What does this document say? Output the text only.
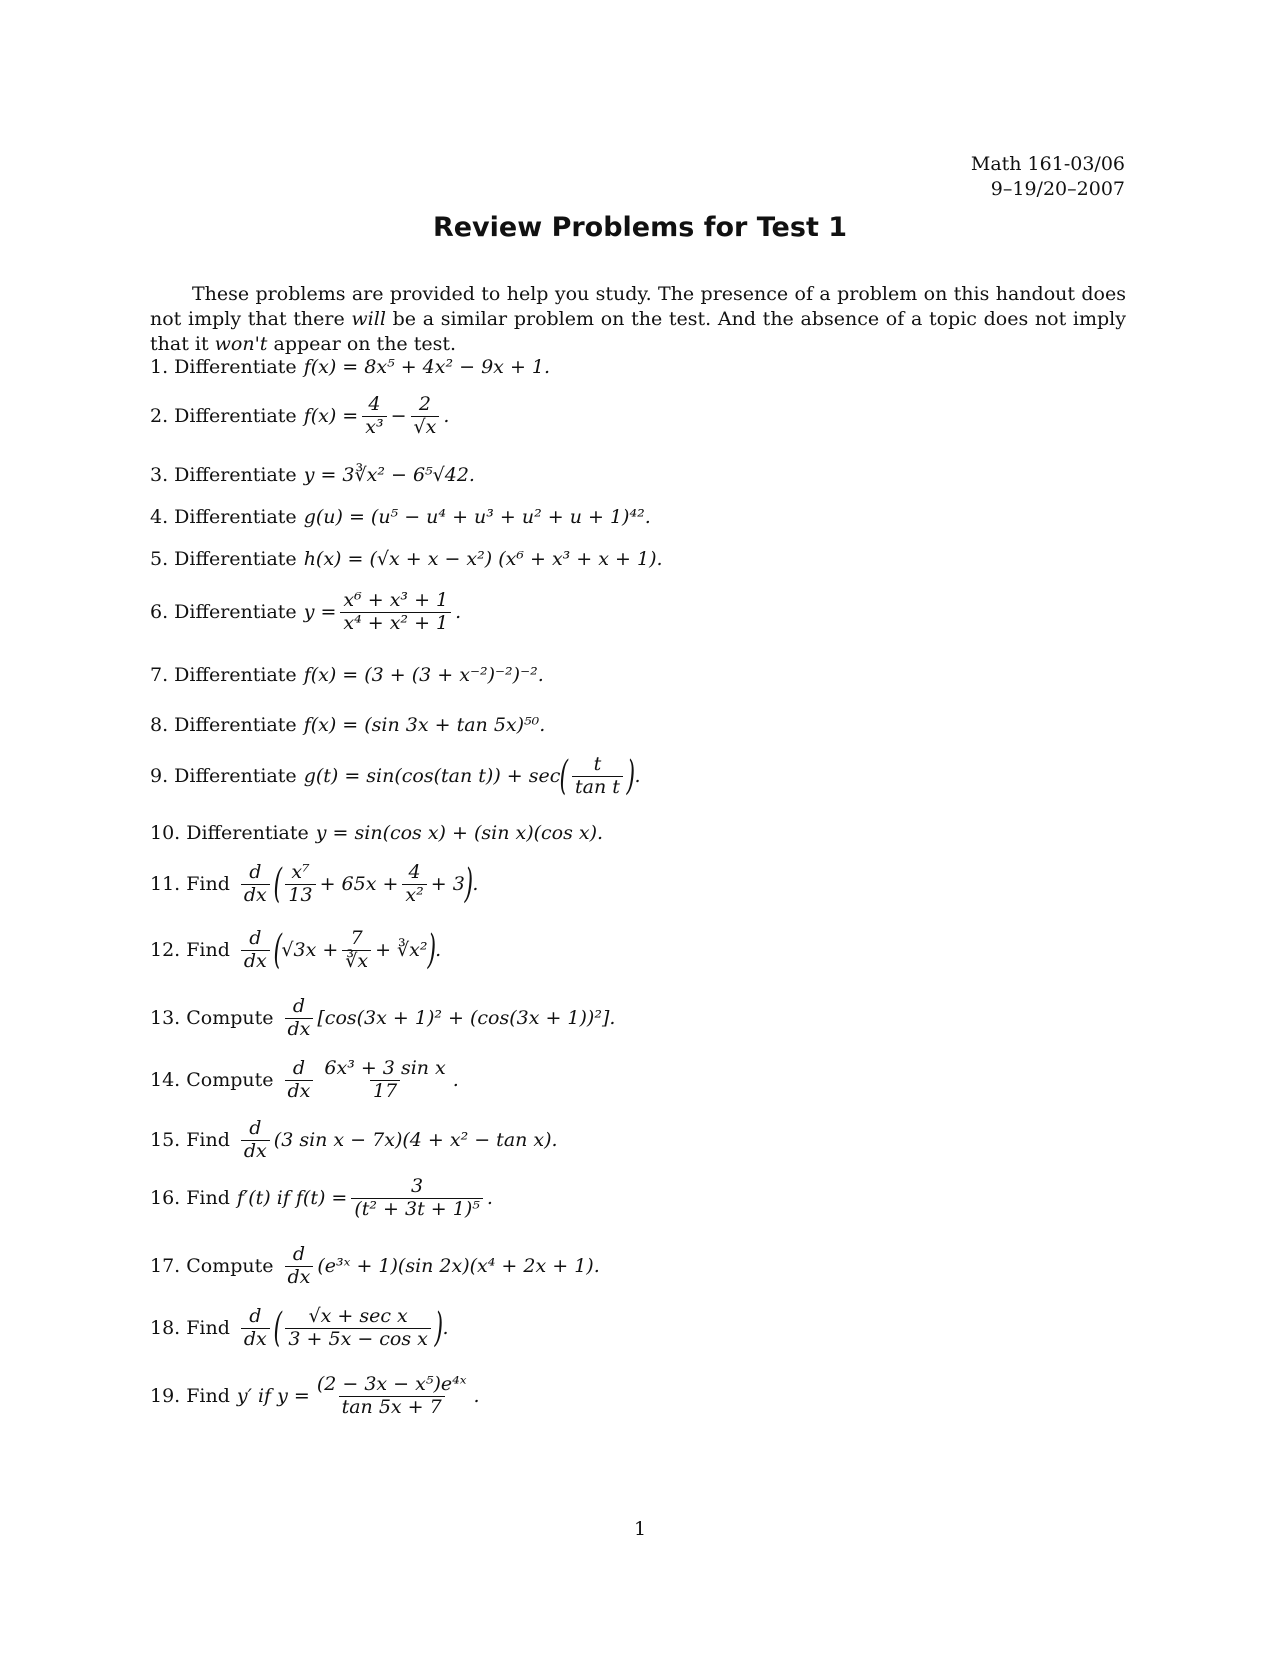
Math 161-03/06
9–19/20–2007
Review Problems for Test 1

These problems are provided to help you study. The presence of a problem on this handout does not imply that there will be a similar problem on the test. And the absence of a topic does not imply that it won't appear on the test.

1. Differentiate f(x) = 8x⁵ + 4x² − 9x + 1.
2. Differentiate $f(x) = \frac{4}{\text{x³}} - \frac{2}{√x}$ .
3. Differentiate y = 3∛x² − 6⁵√42.
4. Differentiate g(u) = (u⁵ − u⁴ + u³ + u² + u + 1)⁴².
5. Differentiate h(x) = (√x + x − x²) (x⁶ + x³ + x + 1).
6. Differentiate $y = \frac{\text{x⁶ + x³ + 1}}{\text{x⁴ + x² + 1}}$ .
7. Differentiate f(x) = (3 + (3 + x⁻²)⁻²)⁻².
8. Differentiate f(x) = (sin 3x + tan 5x)⁵⁰.
9. Differentiate g(t) = sin(cos(tan t)) + sec ( $\frac{t}{\text{tan t}}$ ) .
10. Differentiate y = sin(cos x) + (sin x)(cos x).
11. Find $\frac{d}{dx}$ ( $\frac{\text{x⁷}}{13} + 65x + \frac{4}{\text{x²}} + 3$ ) .
12. Find $\frac{d}{dx}$ ( $√3x + \frac{7}{∛x}$ + ∛x² ) .
13. Compute $\frac{d}{dx} [\cos(3x + 1)^2 + (\cos(3x + 1))^2]$.
14. Compute $\frac{d}{dx} \frac{\text{6x³ + 3 sin x}}{17}$ .
15. Find $\frac{d}{dx} (3$ sin x − 7x)(4 + x² − tan x).
16. Find f′(t) if $f(t) = \frac{3}{\text{(t² + 3t + 1)⁵}}$ .
17. Compute $\frac{d}{dx}$ (e³ˣ + 1)(sin 2x)(x⁴ + 2x + 1).
18. Find $\frac{d}{dx}$ ( $\frac{\text{√x + sec x}}{\text{3 + 5x − cos x}}$ ) .
19. Find y′ if $y = \frac{\text{(2 − 3x − x⁵)e⁴ˣ}}{\tan 5x + 7}$ .
1
